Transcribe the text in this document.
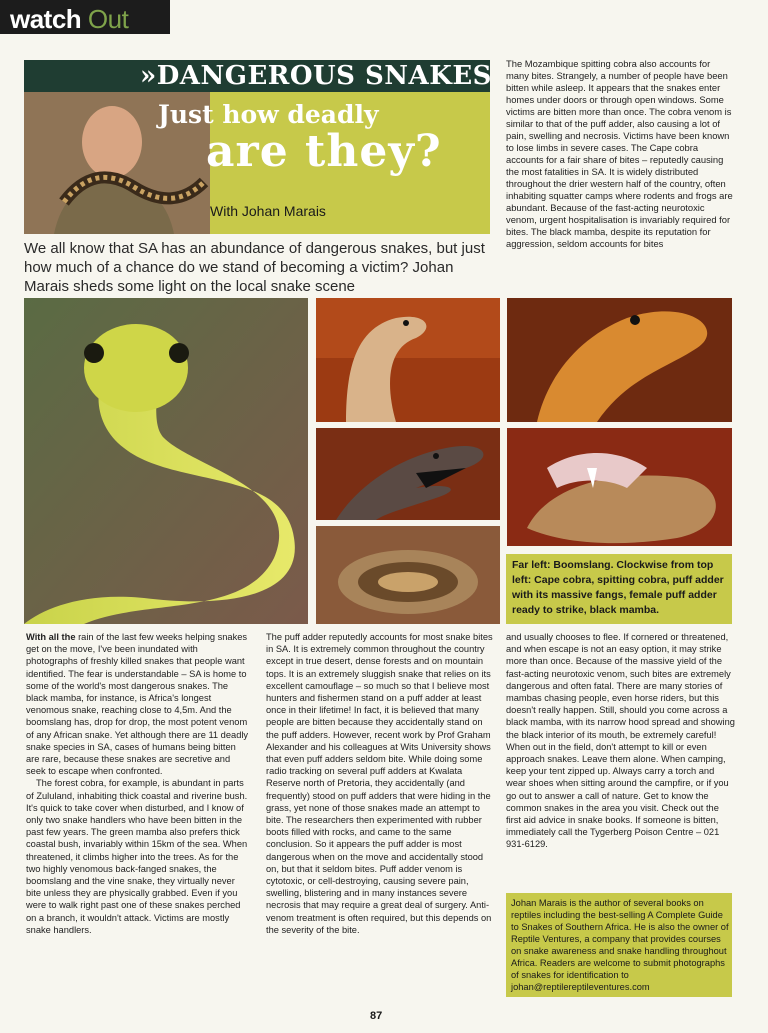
watch Out
»DANGEROUS SNAKES
Just how deadly
are they?
With Johan Marais
We all know that SA has an abundance of dangerous snakes, but just how much of a chance do we stand of becoming a victim? Johan Marais sheds some light on the local snake scene
The Mozambique spitting cobra also accounts for many bites. Strangely, a number of people have been bitten while asleep. It appears that the snakes enter homes under doors or through open windows. Some victims are bitten more than once. The cobra venom is similar to that of the puff adder, also causing a lot of pain, swelling and necrosis. Victims have been known to lose limbs in severe cases. The Cape cobra accounts for a fair share of bites – reputedly causing the most fatalities in SA. It is widely distributed throughout the drier western half of the country, often inhabiting squatter camps where rodents and frogs are abundant. Because of the fast-acting neurotoxic venom, urgent hospitalisation is invariably required for bites. The black mamba, despite its reputation for aggression, seldom accounts for bites
Far left: Boomslang. Clockwise from top left: Cape cobra, spitting cobra, puff adder with its massive fangs, female puff adder ready to strike, black mamba.

With all the rain of the last few weeks helping snakes get on the move, I've been inundated with photographs of freshly killed snakes that people want identified. The fear is understandable – SA is home to some of the world's most dangerous snakes. The black mamba, for instance, is Africa's longest venomous snake, reaching close to 4,5m. And the boomslang has, drop for drop, the most potent venom of any African snake. Yet although there are 11 deadly snake species in SA, cases of humans being bitten are rare, because these snakes are secretive and seek to escape when confronted.

The forest cobra, for example, is abundant in parts of Zululand, inhabiting thick coastal and riverine bush. It's quick to take cover when disturbed, and I know of only two snake handlers who have been bitten in the past few years. The green mamba also prefers thick coastal bush, invariably within 15km of the sea. When threatened, it climbs higher into the trees. As for the two highly venomous back-fanged snakes, the boomslang and the vine snake, they virtually never bite unless they are physically grabbed. Even if you were to walk right past one of these snakes perched on a branch, it wouldn't attack. Victims are mostly snake handlers.

The puff adder reputedly accounts for most snake bites in SA. It is extremely common throughout the country except in true desert, dense forests and on mountain tops. It is an extremely sluggish snake that relies on its excellent camouflage – so much so that I believe most hunters and fishermen stand on a puff adder at least once in their lifetime! In fact, it is believed that many people are bitten because they accidentally stand on the puff adders. However, recent work by Prof Graham Alexander and his colleagues at Wits University shows that even puff adders seldom bite. While doing some radio tracking on several puff adders at Kwalata Reserve north of Pretoria, they accidentally (and frequently) stood on puff adders that were hiding in the grass, yet none of those snakes made an attempt to bite. The researchers then experimented with rubber boots filled with rocks, and came to the same conclusion. So it appears the puff adder is most dangerous when on the move and accidentally stood on, but that it seldom bites. Puff adder venom is cytotoxic, or cell-destroying, causing severe pain, swelling, blistering and in many instances severe necrosis that may require a great deal of surgery. Anti-venom treatment is often required, but this depends on the severity of the bite.

and usually chooses to flee. If cornered or threatened, and when escape is not an easy option, it may strike more than once. Because of the massive yield of the fast-acting neurotoxic venom, such bites are extremely dangerous and often fatal. There are many stories of mambas chasing people, even horse riders, but this doesn't really happen. Still, should you come across a black mamba, with its narrow hood spread and showing the black interior of its mouth, be extremely careful! When out in the field, don't attempt to kill or even approach snakes. Leave them alone. When camping, keep your tent zipped up. Always carry a torch and wear shoes when sitting around the campfire, or if you go out to answer a call of nature. Get to know the common snakes in the area you visit. Check out the first aid advice in snake books. If someone is bitten, immediately call the Tygerberg Poison Centre – 021 931-6129.

Johan Marais is the author of several books on reptiles including the best-selling A Complete Guide to Snakes of Southern Africa. He is also the owner of Reptile Ventures, a company that provides courses on snake awareness and snake handling throughout Africa. Readers are welcome to submit photographs of snakes for identification to johan@reptilereptileventures.com
87
